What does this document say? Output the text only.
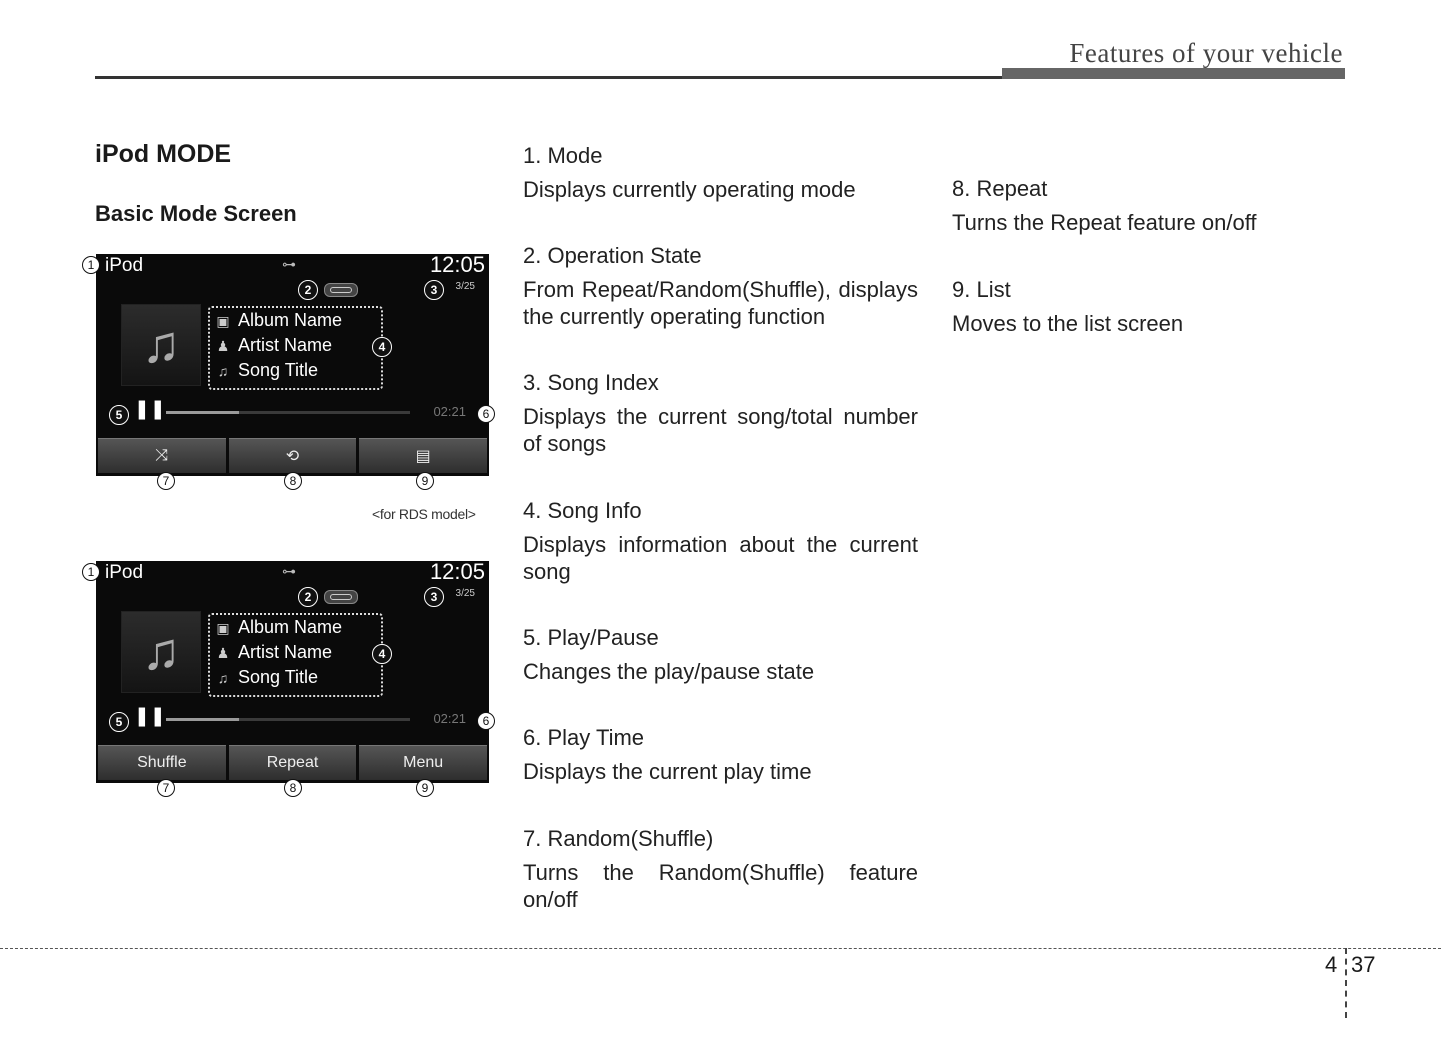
Features of your vehicle
iPod MODE
Basic Mode Screen
iPod	⊶	12:05
2	3	3/25
♫	▣ Album Name
♟ Artist Name
♫ Song Title
4
5 ❚❚	02:21
⤨	⟲	▤
1
6
7	8	9
<for RDS model>
iPod	⊶	12:05
2	3	3/25
♫	▣ Album Name
♟ Artist Name
♫ Song Title
4
5 ❚❚	02:21
Shuffle	Repeat	Menu
1
6
7	8	9
1. Mode
Displays currently operating mode
2. Operation State
From Repeat/Random(Shuffle), displays the currently operating function
3. Song Index
Displays the current song/total number of songs
4. Song Info
Displays information about the current song
5. Play/Pause
Changes the play/pause state
6. Play Time
Displays the current play time
7. Random(Shuffle)
Turns the Random(Shuffle) feature on/off
8. Repeat
Turns the Repeat feature on/off
9. List
Moves to the list screen
4 37
